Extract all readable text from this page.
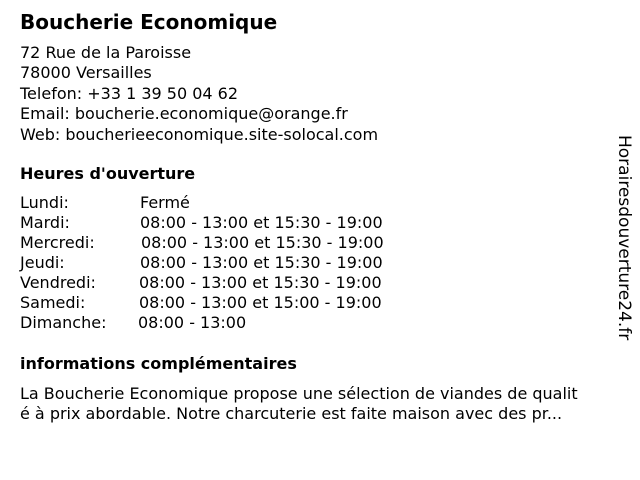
Boucherie Economique
72 Rue de la Paroisse
78000 Versailles
Telefon: +33 1 39 50 04 62
Email: boucherie.economique@orange.fr
Web: boucherieeconomique.site-solocal.com
Heures d'ouverture
Lundi:	Fermé
Mardi:	08:00 - 13:00 et 15:30 - 19:00
Mercredi:	08:00 - 13:00 et 15:30 - 19:00
Jeudi:	08:00 - 13:00 et 15:30 - 19:00
Vendredi:	08:00 - 13:00 et 15:30 - 19:00
Samedi:	08:00 - 13:00 et 15:00 - 19:00
Dimanche: 08:00 - 13:00
informations complémentaires
La Boucherie Economique propose une sélection de viandes de qualit
é à prix abordable. Notre charcuterie est faite maison avec des pr...
Horairesdouverture24.fr
